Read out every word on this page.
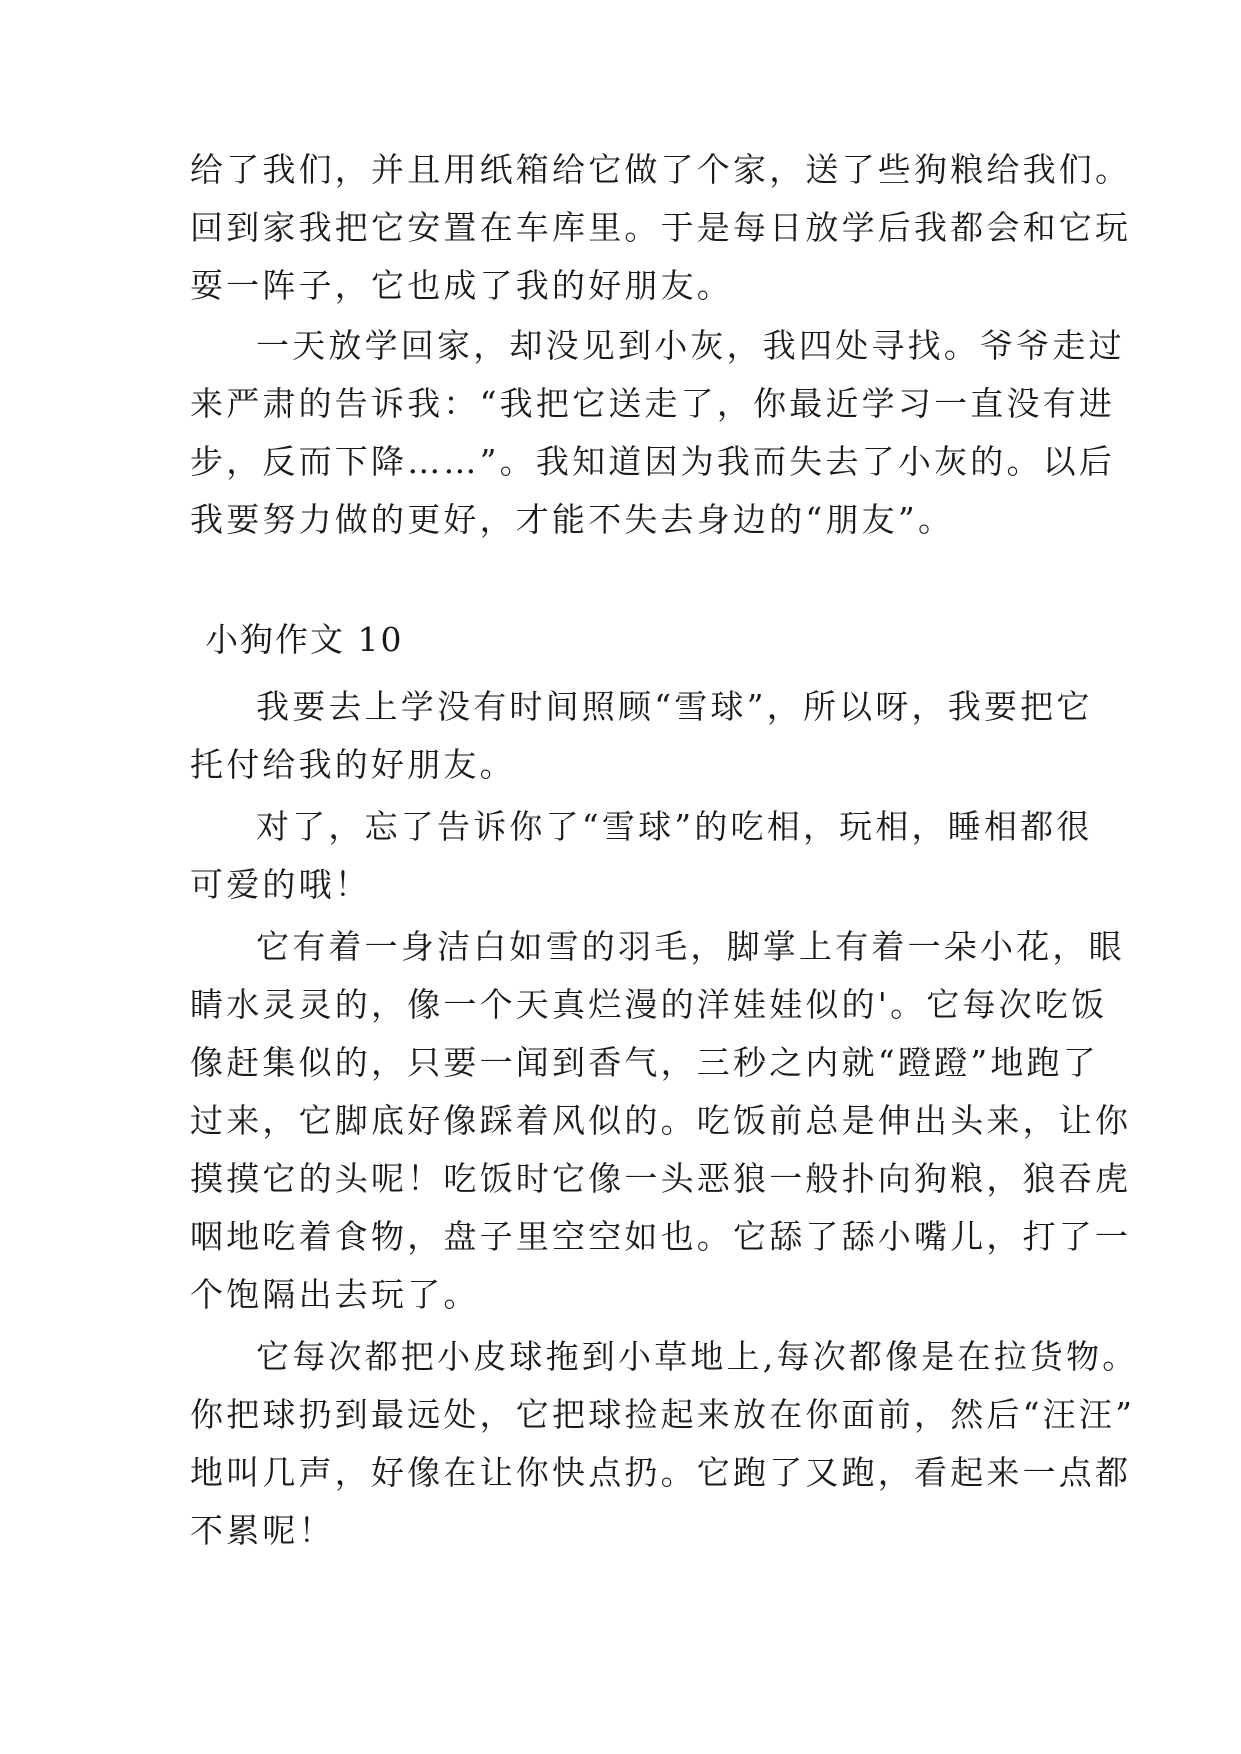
给了我们，并且用纸箱给它做了个家，送了些狗粮给我们。
回到家我把它安置在车库里。于是每日放学后我都会和它玩
耍一阵子，它也成了我的好朋友。
一天放学回家，却没见到小灰，我四处寻找。爷爷走过
来严肃的告诉我：“我把它送走了，你最近学习一直没有进
步，反而下降……”。我知道因为我而失去了小灰的。以后
我要努力做的更好，才能不失去身边的“朋友”。
小狗作文 10
我要去上学没有时间照顾“雪球”，所以呀，我要把它
托付给我的好朋友。
对了，忘了告诉你了“雪球”的吃相，玩相，睡相都很
可爱的哦！
它有着一身洁白如雪的羽毛，脚掌上有着一朵小花，眼
睛水灵灵的，像一个天真烂漫的洋娃娃似的'。它每次吃饭
像赶集似的，只要一闻到香气，三秒之内就“蹬蹬”地跑了
过来，它脚底好像踩着风似的。吃饭前总是伸出头来，让你
摸摸它的头呢！吃饭时它像一头恶狼一般扑向狗粮，狼吞虎
咽地吃着食物，盘子里空空如也。它舔了舔小嘴儿，打了一
个饱隔出去玩了。
它每次都把小皮球拖到小草地上,每次都像是在拉货物。
你把球扔到最远处，它把球捡起来放在你面前，然后“汪汪”
地叫几声，好像在让你快点扔。它跑了又跑，看起来一点都
不累呢！
